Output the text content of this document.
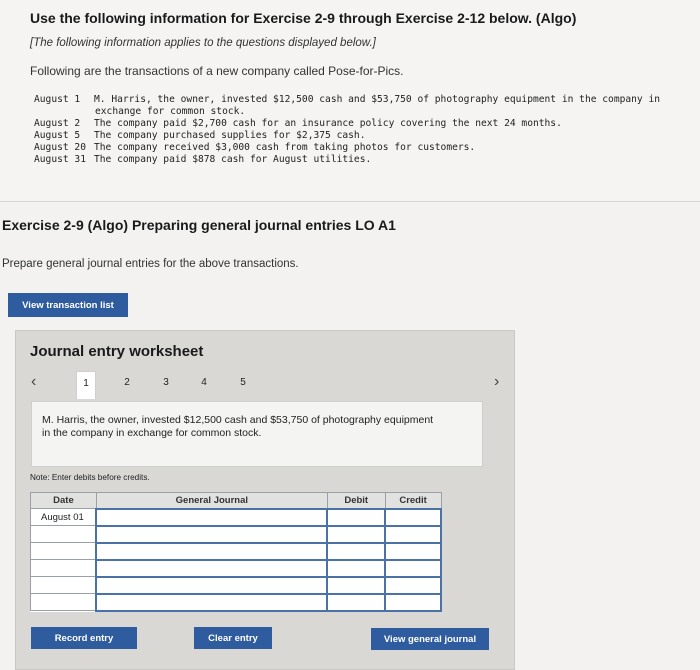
Use the following information for Exercise 2-9 through Exercise 2-12 below. (Algo)
[The following information applies to the questions displayed below.]
Following are the transactions of a new company called Pose-for-Pics.
August 1 M. Harris, the owner, invested $12,500 cash and $53,750 of photography equipment in the company in
exchange for common stock.
August 2 The company paid $2,700 cash for an insurance policy covering the next 24 months.
August 5 The company purchased supplies for $2,375 cash.
August 20 The company received $3,000 cash from taking photos for customers.
August 31 The company paid $878 cash for August utilities.
Exercise 2-9 (Algo) Preparing general journal entries LO A1
Prepare general journal entries for the above transactions.
View transaction list
Journal entry worksheet
‹	1	2	3	4	5	›

M. Harris, the owner, invested $12,500 cash and $53,750 of photography equipment in the company in exchange for common stock.

Note: Enter debits before credits.
Date	General Journal	Debit	Credit
August 01			

Record entry	Clear entry	View general journal
